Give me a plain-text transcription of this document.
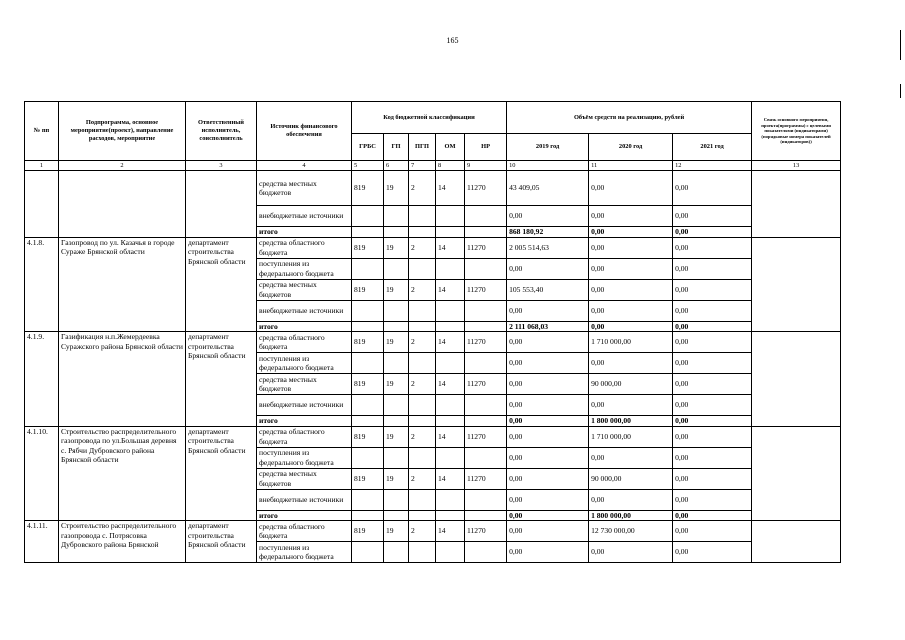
165
№ пп	Подпрограмма, основное мероприятие(проект), направление расходов, мероприятие	Ответственный исполнитель, соисполнитель	Источник финансового обеспечения	Код бюджетной классификации					Объём средств на реализацию, рублей			Связь основного мероприятия, проекта(программы) с целевыми показателями (индикаторами) (порядковые номера показателей (индикаторов))
				ГРБС	ГП	ПГП	ОМ	НР	2019 год	2020 год	2021 год	
1	2	3	4	5	6	7	8	9	10	11	12	13
			средства местных бюджетов	819	19	2	14	11270	43 409,05	0,00	0,00	
			внебюджетные источники						0,00	0,00	0,00	
			итого						868 180,92	0,00	0,00	
4.1.8.	Газопровод по ул. Казачья в городе Сураже Брянской области	департамент строительства Брянской области	средства областного бюджета	819	19	2	14	11270	2 005 514,63	0,00	0,00	
			поступления из федерального бюджета						0,00	0,00	0,00	
			средства местных бюджетов	819	19	2	14	11270	105 553,40	0,00	0,00	
			внебюджетные источники						0,00	0,00	0,00	
			итого						2 111 068,03	0,00	0,00	
4.1.9.	Газификация н.п.Жемердеевка Суражского района Брянской области	департамент строительства Брянской области	средства областного бюджета	819	19	2	14	11270	0,00	1 710 000,00	0,00	
			поступления из федерального бюджета						0,00	0,00	0,00	
			средства местных бюджетов	819	19	2	14	11270	0,00	90 000,00	0,00	
			внебюджетные источники						0,00	0,00	0,00	
			итого						0,00	1 800 000,00	0,00	
4.1.10.	Строительство распределительного газопровода по ул.Большая деревня с. Рябчи Дубровского района Брянской области	департамент строительства Брянской области	средства областного бюджета	819	19	2	14	11270	0,00	1 710 000,00	0,00	
			поступления из федерального бюджета						0,00	0,00	0,00	
			средства местных бюджетов	819	19	2	14	11270	0,00	90 000,00	0,00	
			внебюджетные источники						0,00	0,00	0,00	
			итого						0,00	1 800 000,00	0,00	
4.1.11.	Строительство распределительного газопровода с. Потрясовка Дубровского района Брянской	департамент строительства Брянской области	средства областного бюджета	819	19	2	14	11270	0,00	12 730 000,00	0,00	
			поступления из федерального бюджета						0,00	0,00	0,00	
